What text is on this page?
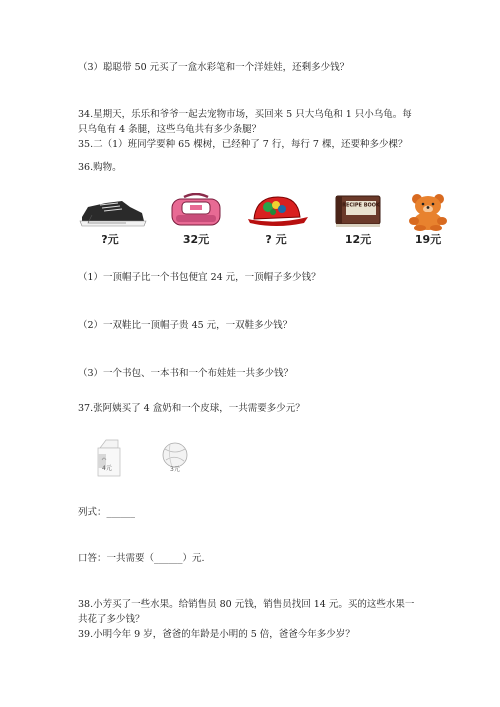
（3）聪聪带 50 元买了一盒水彩笔和一个洋娃娃，还剩多少钱？
34.星期天，乐乐和爷爷一起去宠物市场，买回来 5 只大乌龟和 1 只小乌龟。每
只乌龟有 4 条腿，这些乌龟共有多少条腿？
35.二（1）班同学要种 65 棵树，已经种了 7 行，每行 7 棵，还要种多少棵？
36.购物。
?元	32元	? 元
RECIPE BOOK
12元	19元
（1）一顶帽子比一个书包便宜 24 元，一顶帽子多少钱？
（2）一双鞋比一顶帽子贵 45 元，一双鞋多少钱？
（3）一个书包、一本书和一个布娃娃一共多少钱？
37.张阿姨买了 4 盒奶和一个皮球，一共需要多少元？
4元	3元
列式：______
口答：一共需要（______）元.
38.小芳买了一些水果。给销售员 80 元钱，销售员找回 14 元。买的这些水果一
共花了多少钱？
39.小明今年 9 岁，爸爸的年龄是小明的 5 倍，爸爸今年多少岁？
